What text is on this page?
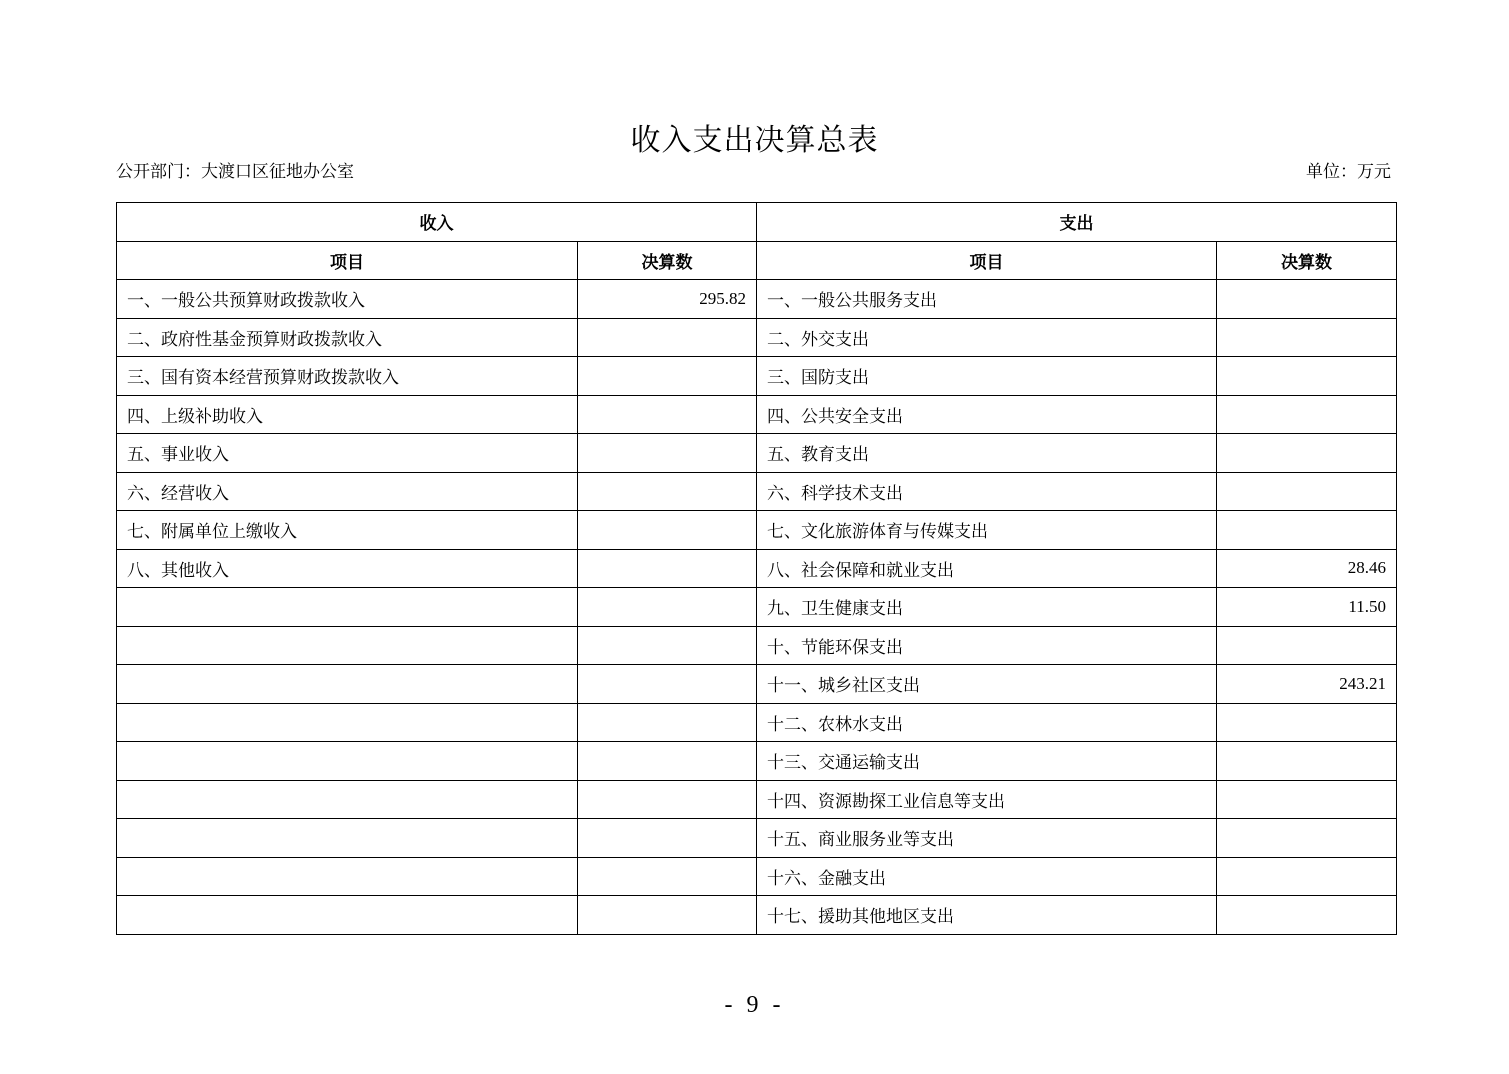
收入支出决算总表
公开部门：大渡口区征地办公室	单位：万元
收入		支出	
项目	决算数	项目	决算数
一、一般公共预算财政拨款收入	295.82	一、一般公共服务支出	
二、政府性基金预算财政拨款收入		二、外交支出	
三、国有资本经营预算财政拨款收入		三、国防支出	
四、上级补助收入		四、公共安全支出	
五、事业收入		五、教育支出	
六、经营收入		六、科学技术支出	
七、附属单位上缴收入		七、文化旅游体育与传媒支出	
八、其他收入		八、社会保障和就业支出	28.46
		九、卫生健康支出	11.50
		十、节能环保支出	
		十一、城乡社区支出	243.21
		十二、农林水支出	
		十三、交通运输支出	
		十四、资源勘探工业信息等支出	
		十五、商业服务业等支出	
		十六、金融支出	
		十七、援助其他地区支出	
- 9 -
